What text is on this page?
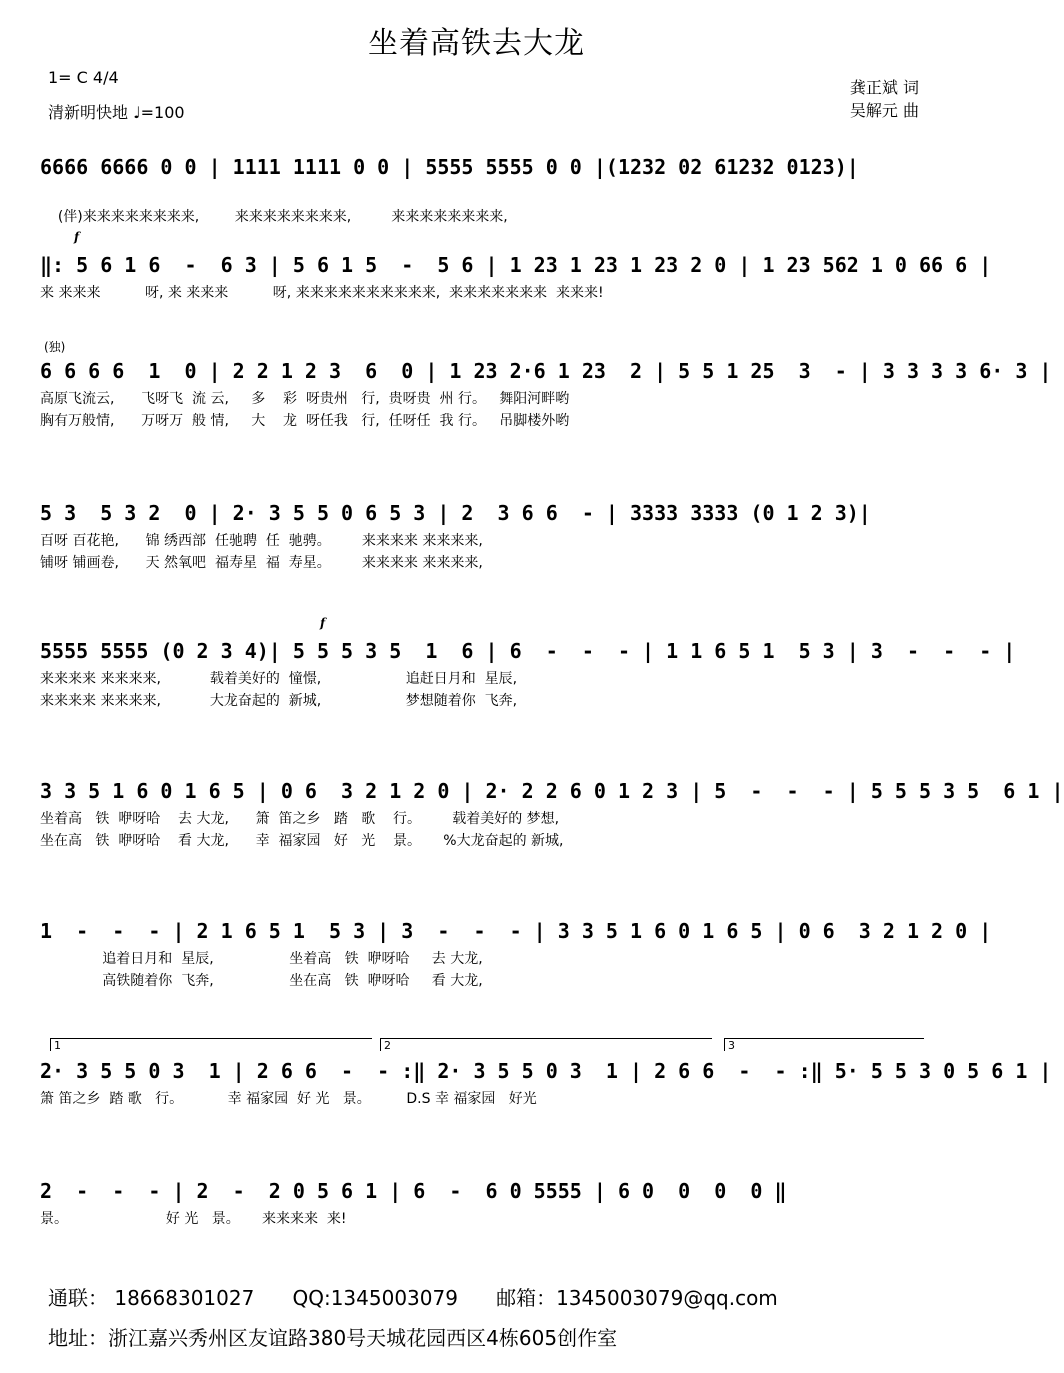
坐着高铁去大龙
1= C 4/4
清新明快地 ♩=100
龚正斌 词
吴解元 曲
6666 6666 0 0 | 1111 1111 0 0 | 5555 5555 0 0 |(1232 02 61232 0123)|

(伴)来来来来来来来来,        来来来来来来来来,         来来来来来来来来,

f
‖: 5 6 1 6  -  6 3 | 5 6 1 5  -  5 6 | 1 23 1 23 1 23 2 0 | 1 23 562 1 0 66 6 |
来 来来来          呀, 来 来来来          呀, 来来来来来来来来来来,  来来来来来来来  来来来!
(独)
6 6 6 6  1  0 | 2 2 1 2 3  6  0 | 1 23 2·6 1 23  2 | 5 5 1 25  3  - | 3 3 3 3 6· 3 |
高原飞流云,      飞呀飞  流 云,     多    彩  呀贵州   行,  贵呀贵  州 行。   舞阳河畔哟
胸有万般情,      万呀万  般 情,     大    龙  呀任我   行,  任呀任  我 行。   吊脚楼外哟
5 3  5 3 2  0 | 2· 3 5 5 0 6 5 3 | 2  3 6 6  - | 3333 3333 (0 1 2 3)|
百呀 百花艳,      锦 绣西部  任驰聘  任  驰骋。       来来来来 来来来来,
铺呀 铺画卷,      天 然氧吧  福寿星  福  寿星。       来来来来 来来来来,
f
5555 5555 (0 2 3 4)| 5 5 5 3 5  1  6 | 6  -  -  - | 1 1 6 5 1  5 3 | 3  -  -  - |
来来来来 来来来来,           载着美好的  憧憬,                   追赶日月和  星辰,
来来来来 来来来来,           大龙奋起的  新城,                   梦想随着你  飞奔,
3 3 5 1 6 0 1 6 5 | 0 6  3 2 1 2 0 | 2· 2 2 6 0 1 2 3 | 5  -  -  - | 5 5 5 3 5  6 1 |
坐着高   铁  咿呀哈    去 大龙,      箫  笛之乡   踏   歌    行。       载着美好的 梦想,
坐在高   铁  咿呀哈    看 大龙,      幸  福家园   好   光    景。     %大龙奋起的 新城,
1  -  -  - | 2 1 6 5 1  5 3 | 3  -  -  - | 3 3 5 1 6 0 1 6 5 | 0 6  3 2 1 2 0 |
追着日月和  星辰,                 坐着高   铁  咿呀哈     去 大龙,
高铁随着你  飞奔,                 坐在高   铁  咿呀哈     看 大龙,
1	2	3
2· 3 5 5 0 3  1 | 2 6 6  -  - :‖ 2· 3 5 5 0 3  1 | 2 6 6  -  - :‖ 5· 5 5 3 0 5 6 1 |
箫 笛之乡  踏 歌   行。          幸 福家园  好 光   景。        D.S 幸 福家园   好光
2  -  -  - | 2  -  2 0 5 6 1 | 6  -  6 0 5555 | 6 0  0  0  0 ‖
景。                      好 光   景。     来来来来  来!
通联： 18668301027      QQ:1345003079      邮箱：1345003079@qq.com
地址：浙江嘉兴秀州区友谊路380号天城花园西区4栋605创作室
